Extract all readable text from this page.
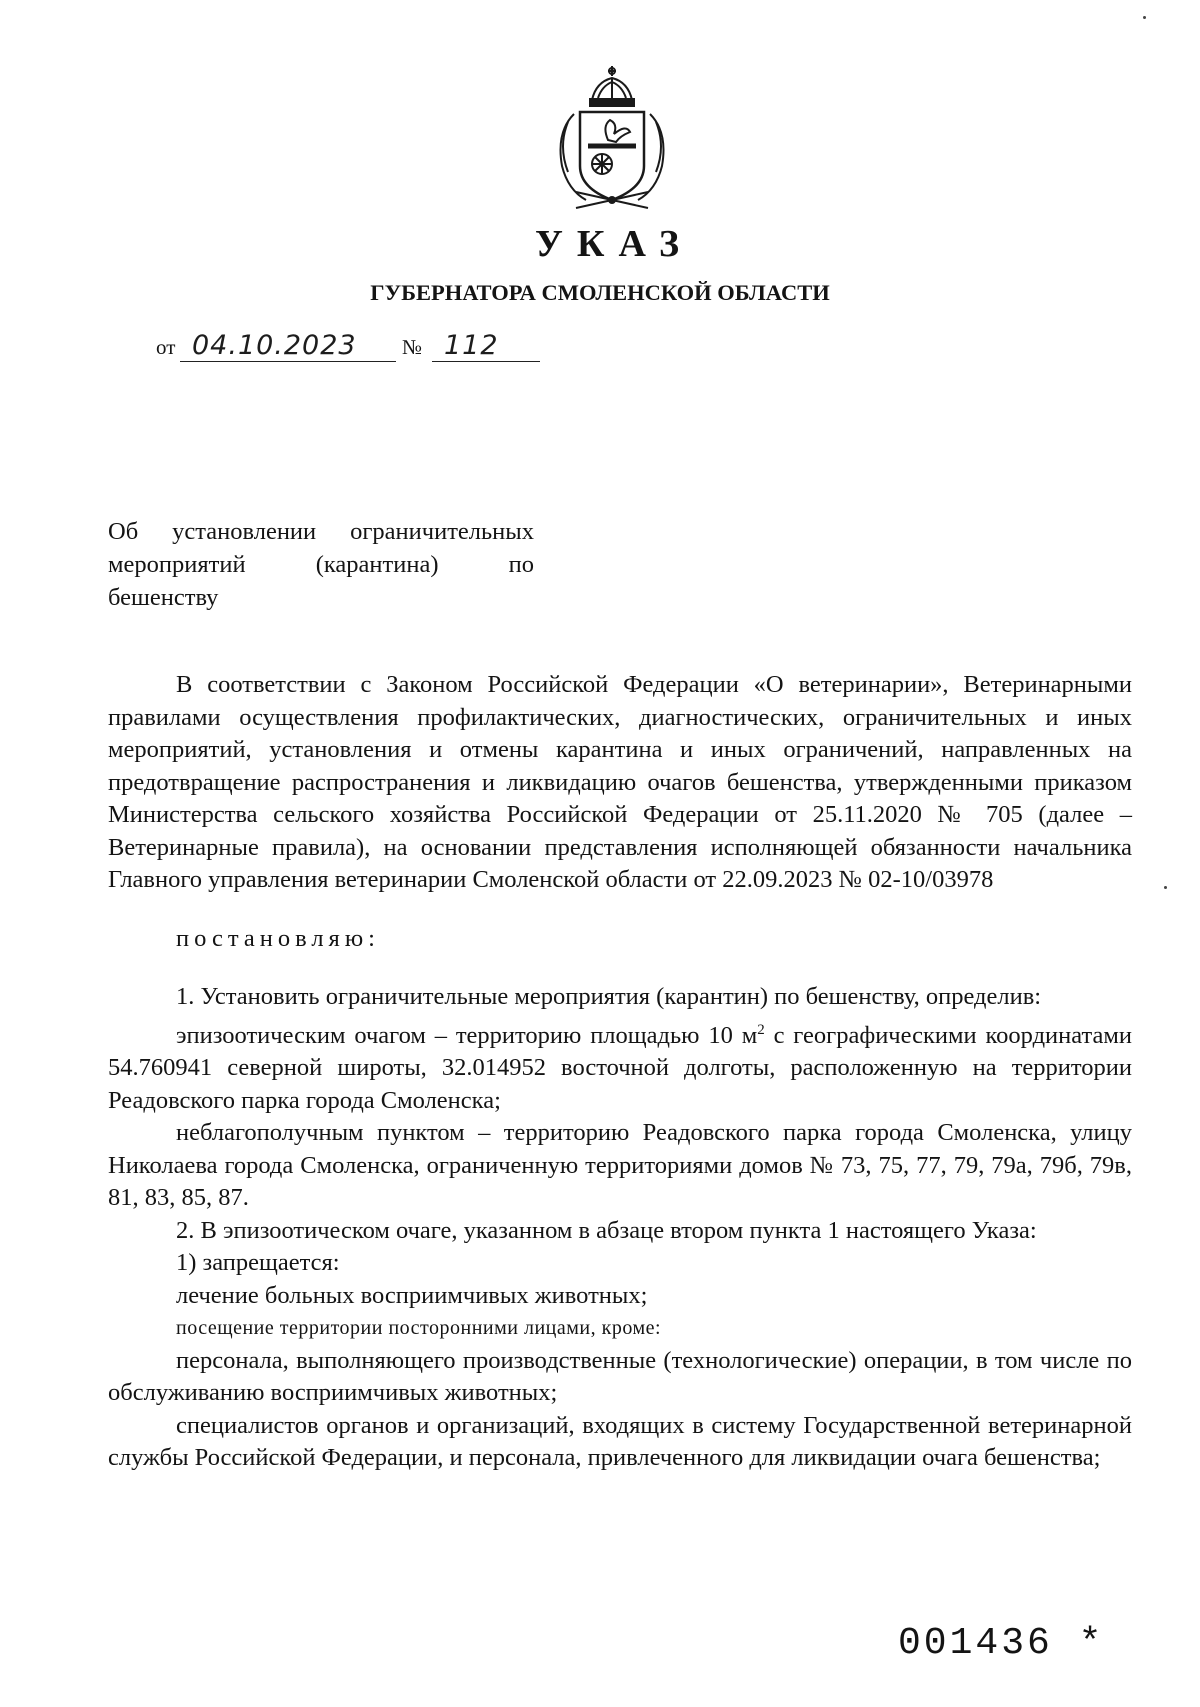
УКАЗ
ГУБЕРНАТОРА СМОЛЕНСКОЙ ОБЛАСТИ
от 04.10.2023 № 112
Об установлении ограничительных
мероприятий	(карантина)	по
бешенству

В соответствии с Законом Российской Федерации «О ветеринарии», Ветеринарными правилами осуществления профилактических, диагностических, ограничительных и иных мероприятий, установления и отмены карантина и иных ограничений, направленных на предотвращение распространения и ликвидацию очагов бешенства, утвержденными приказом Министерства сельского хозяйства Российской Федерации от 25.11.2020 № 705 (далее – Ветеринарные правила), на основании представления исполняющей обязанности начальника Главного управления ветеринарии Смоленской области от 22.09.2023 № 02-10/03978

постановляю:

1. Установить ограничительные мероприятия (карантин) по бешенству, определив:

эпизоотическим очагом – территорию площадью 10 $м^2$ с географическими координатами 54.760941 северной широты, 32.014952 восточной долготы, расположенную на территории Реадовского парка города Смоленска;

неблагополучным пунктом – территорию Реадовского парка города Смоленска, улицу Николаева города Смоленска, ограниченную территориями домов № 73, 75, 77, 79, 79а, 79б, 79в, 81, 83, 85, 87.

2. В эпизоотическом очаге, указанном в абзаце втором пункта 1 настоящего Указа:

1) запрещается:

лечение больных восприимчивых животных;

посещение территории посторонними лицами, кроме:

персонала, выполняющего производственные (технологические) операции, в том числе по обслуживанию восприимчивых животных;

специалистов органов и организаций, входящих в систему Государственной ветеринарной службы Российской Федерации, и персонала, привлеченного для ликвидации очага бешенства;

001436 *
